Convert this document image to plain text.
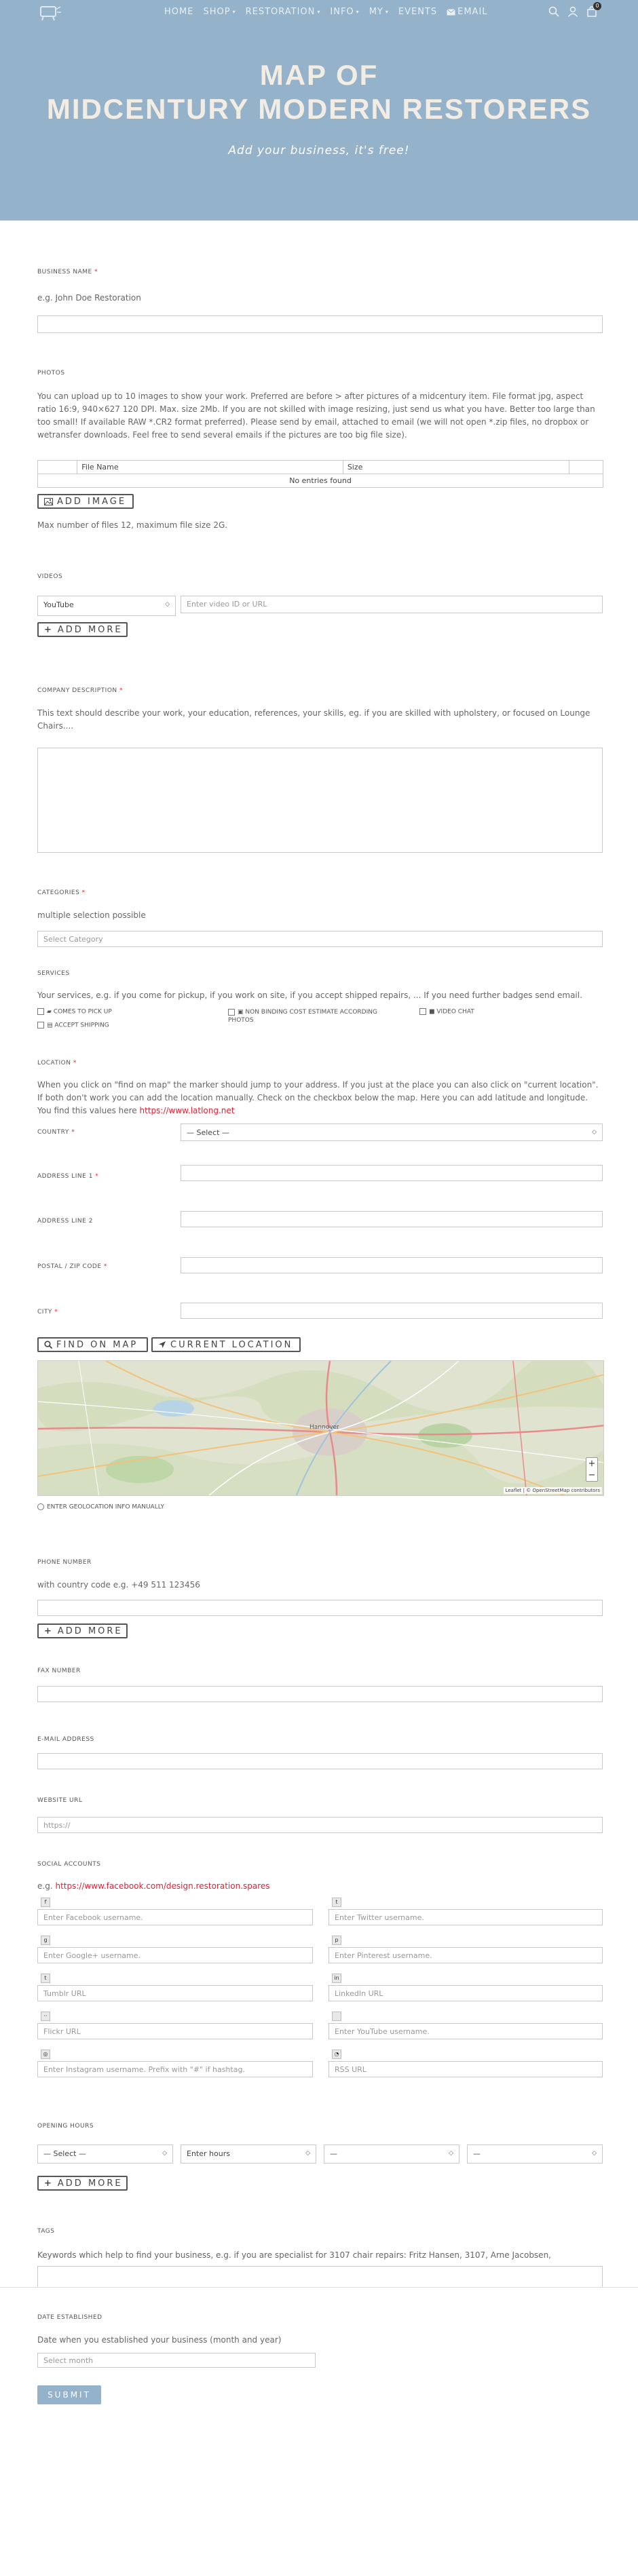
HOME SHOP ▾ RESTORATION ▾ INFO ▾ MY ▾ EVENTS EMAIL
0
MAP OF
MIDCENTURY MODERN RESTORERS
Add your business, it's free!
BUSINESS NAME *
e.g. John Doe Restoration
PHOTOS
You can upload up to 10 images to show your work. Preferred are before > after pictures of a midcentury item. File format jpg, aspect ratio 16:9, 940×627 120 DPI. Max. size 2Mb. If you are not skilled with image resizing, just send us what you have. Better too large than too small! If available RAW *.CR2 format preferred). Please send by email, attached to email (we will not open *.zip files, no dropbox or wetransfer downloads. Feel free to send several emails if the pictures are too big file size).
	File Name	Size	
No entries found
ADD IMAGE
Max number of files 12, maximum file size 2G.
VIDEOS
YouTube	◇	Enter video ID or URL
+ ADD MORE
COMPANY DESCRIPTION *
This text should describe your work, your education, references, your skills, eg. if you are skilled with upholstery, or focused on Lounge Chairs....
CATEGORIES *
multiple selection possible
Select Category
SERVICES
Your services, e.g. if you come for pickup, if you work on site, if you accept shipped repairs, ... If you need further badges send email.
▰ COMES TO PICK UP	▣ NON BINDING COST ESTIMATE ACCORDING PHOTOS
■ VIDEO CHAT
▤ ACCEPT SHIPPING
LOCATION *
When you click on "find on map" the marker should jump to your address. If you just at the place you can also click on "current location". If both don't work you can add the location manually. Check on the checkbox below the map. Here you can add latitude and longitude. You find this values here https://www.latlong.net
COUNTRY *	— Select —	◇
ADDRESS LINE 1 *
ADDRESS LINE 2
POSTAL / ZIP CODE *
CITY *
FIND ON MAP	CURRENT LOCATION
Hannover
+
−
Leaflet | © OpenStreetMap contributors
ENTER GEOLOCATION INFO MANUALLY
PHONE NUMBER
with country code e.g. +49 511 123456
+ ADD MORE
FAX NUMBER
E-MAIL ADDRESS
WEBSITE URL
https://
SOCIAL ACCOUNTS
e.g. https://www.facebook.com/design.restoration.spares
f
Enter Facebook username.
t
Enter Twitter username.
g
Enter Google+ username.
p
Enter Pinterest username.
t
Tumblr URL
in
LinkedIn URL
··
Flickr URL	Enter YouTube username.
◎
Enter Instagram username. Prefix with "#" if hashtag.
◔
RSS URL
OPENING HOURS
— Select —	◇	Enter hours	◇	—	◇	—	◇
+ ADD MORE
TAGS
Keywords which help to find your business, e.g. if you are specialist for 3107 chair repairs: Fritz Hansen, 3107, Arne Jacobsen,
DATE ESTABLISHED
Date when you established your business (month and year)
Select month
SUBMIT
